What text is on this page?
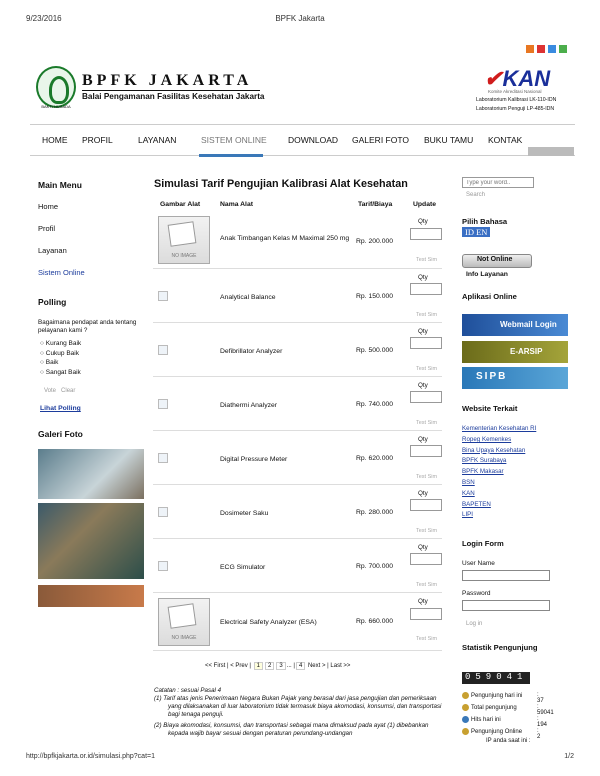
9/23/2016	BPFK Jakarta
BAKTI HUSADA
BPFK JAKARTA
Balai Pengamanan Fasilitas Kesehatan Jakarta
✔KAN
Komite Akreditasi Nasional
Laboratorium Kalibrasi LK-110-IDN
Laboratorium Penguji LP-485-IDN
HOME PROFIL	LAYANAN	SISTEM ONLINE	DOWNLOAD GALERI FOTO BUKU TAMU KONTAK
Main Menu
Home
Profil
Layanan
Sistem Online
Polling
Bagaimana pendapat anda tentang pelayanan kami ?
○ Kurang Baik
○ Cukup Baik
○ Baik
○ Sangat Baik
Vote Clear
Lihat Polling
Galeri Foto
Simulasi Tarif Pengujian Kalibrasi Alat Kesehatan
Gambar Alat	Nama Alat	Tarif/Biaya	Update
NO IMAGE
Anak Timbangan Kelas M Maximal 250 mg Rp. 200.000
Qty
Test Sim
Analytical Balance	Rp. 150.000
Qty
Test Sim
Defibrillator Analyzer	Rp. 500.000
Qty
Test Sim
Diathermi Analyzer	Rp. 740.000
Qty
Test Sim
Digital Pressure Meter	Rp. 620.000
Qty
Test Sim
Dosimeter Saku	Rp. 280.000
Qty
Test Sim
ECG Simulator	Rp. 700.000
Qty
Test Sim
NO IMAGE
Electrical Safety Analyzer (ESA)	Rp. 660.000
Qty
Test Sim
<< First | < Prev | 1 2 3 ... | 4 Next > | Last >>
Catatan : sesuai Pasal 4
(1) Tarif atas jenis Penerimaan Negara Bukan Pajak yang berasal dari jasa pengujian dan pemeriksaan yang dilaksanakan di luar laboratorium tidak termasuk biaya akomodasi, konsumsi, dan transportasi bagi tenaga penguji.
(2) Biaya akomodasi, konsumsi, dan transportasi sebagai mana dimaksud pada ayat (1) dibebankan kepada wajib bayar sesuai dengan peraturan perundang-undangan
Type your word..
Search
Pilih Bahasa
ID EN
Not Online
Info Layanan
Aplikasi Online
Webmail Login
E-ARSIP
SIPB
Website Terkait
Kementerian Kesehatan RI
Ropeg Kemenkes
Bina Upaya Kesehatan
BPFK Surabaya
BPFK Makasar
BSN
KAN
BAPETEN
LIPI
Login Form
User Name
Password
Log in
Statistik Pengunjung
059041
Pengunjung hari ini : 37
Total pengunjung	: 59041
Hits hari ini	: 194
Pengunjung Online : 2
IP anda saat ini :
http://bpfkjakarta.or.id/simulasi.php?cat=1	1/2
